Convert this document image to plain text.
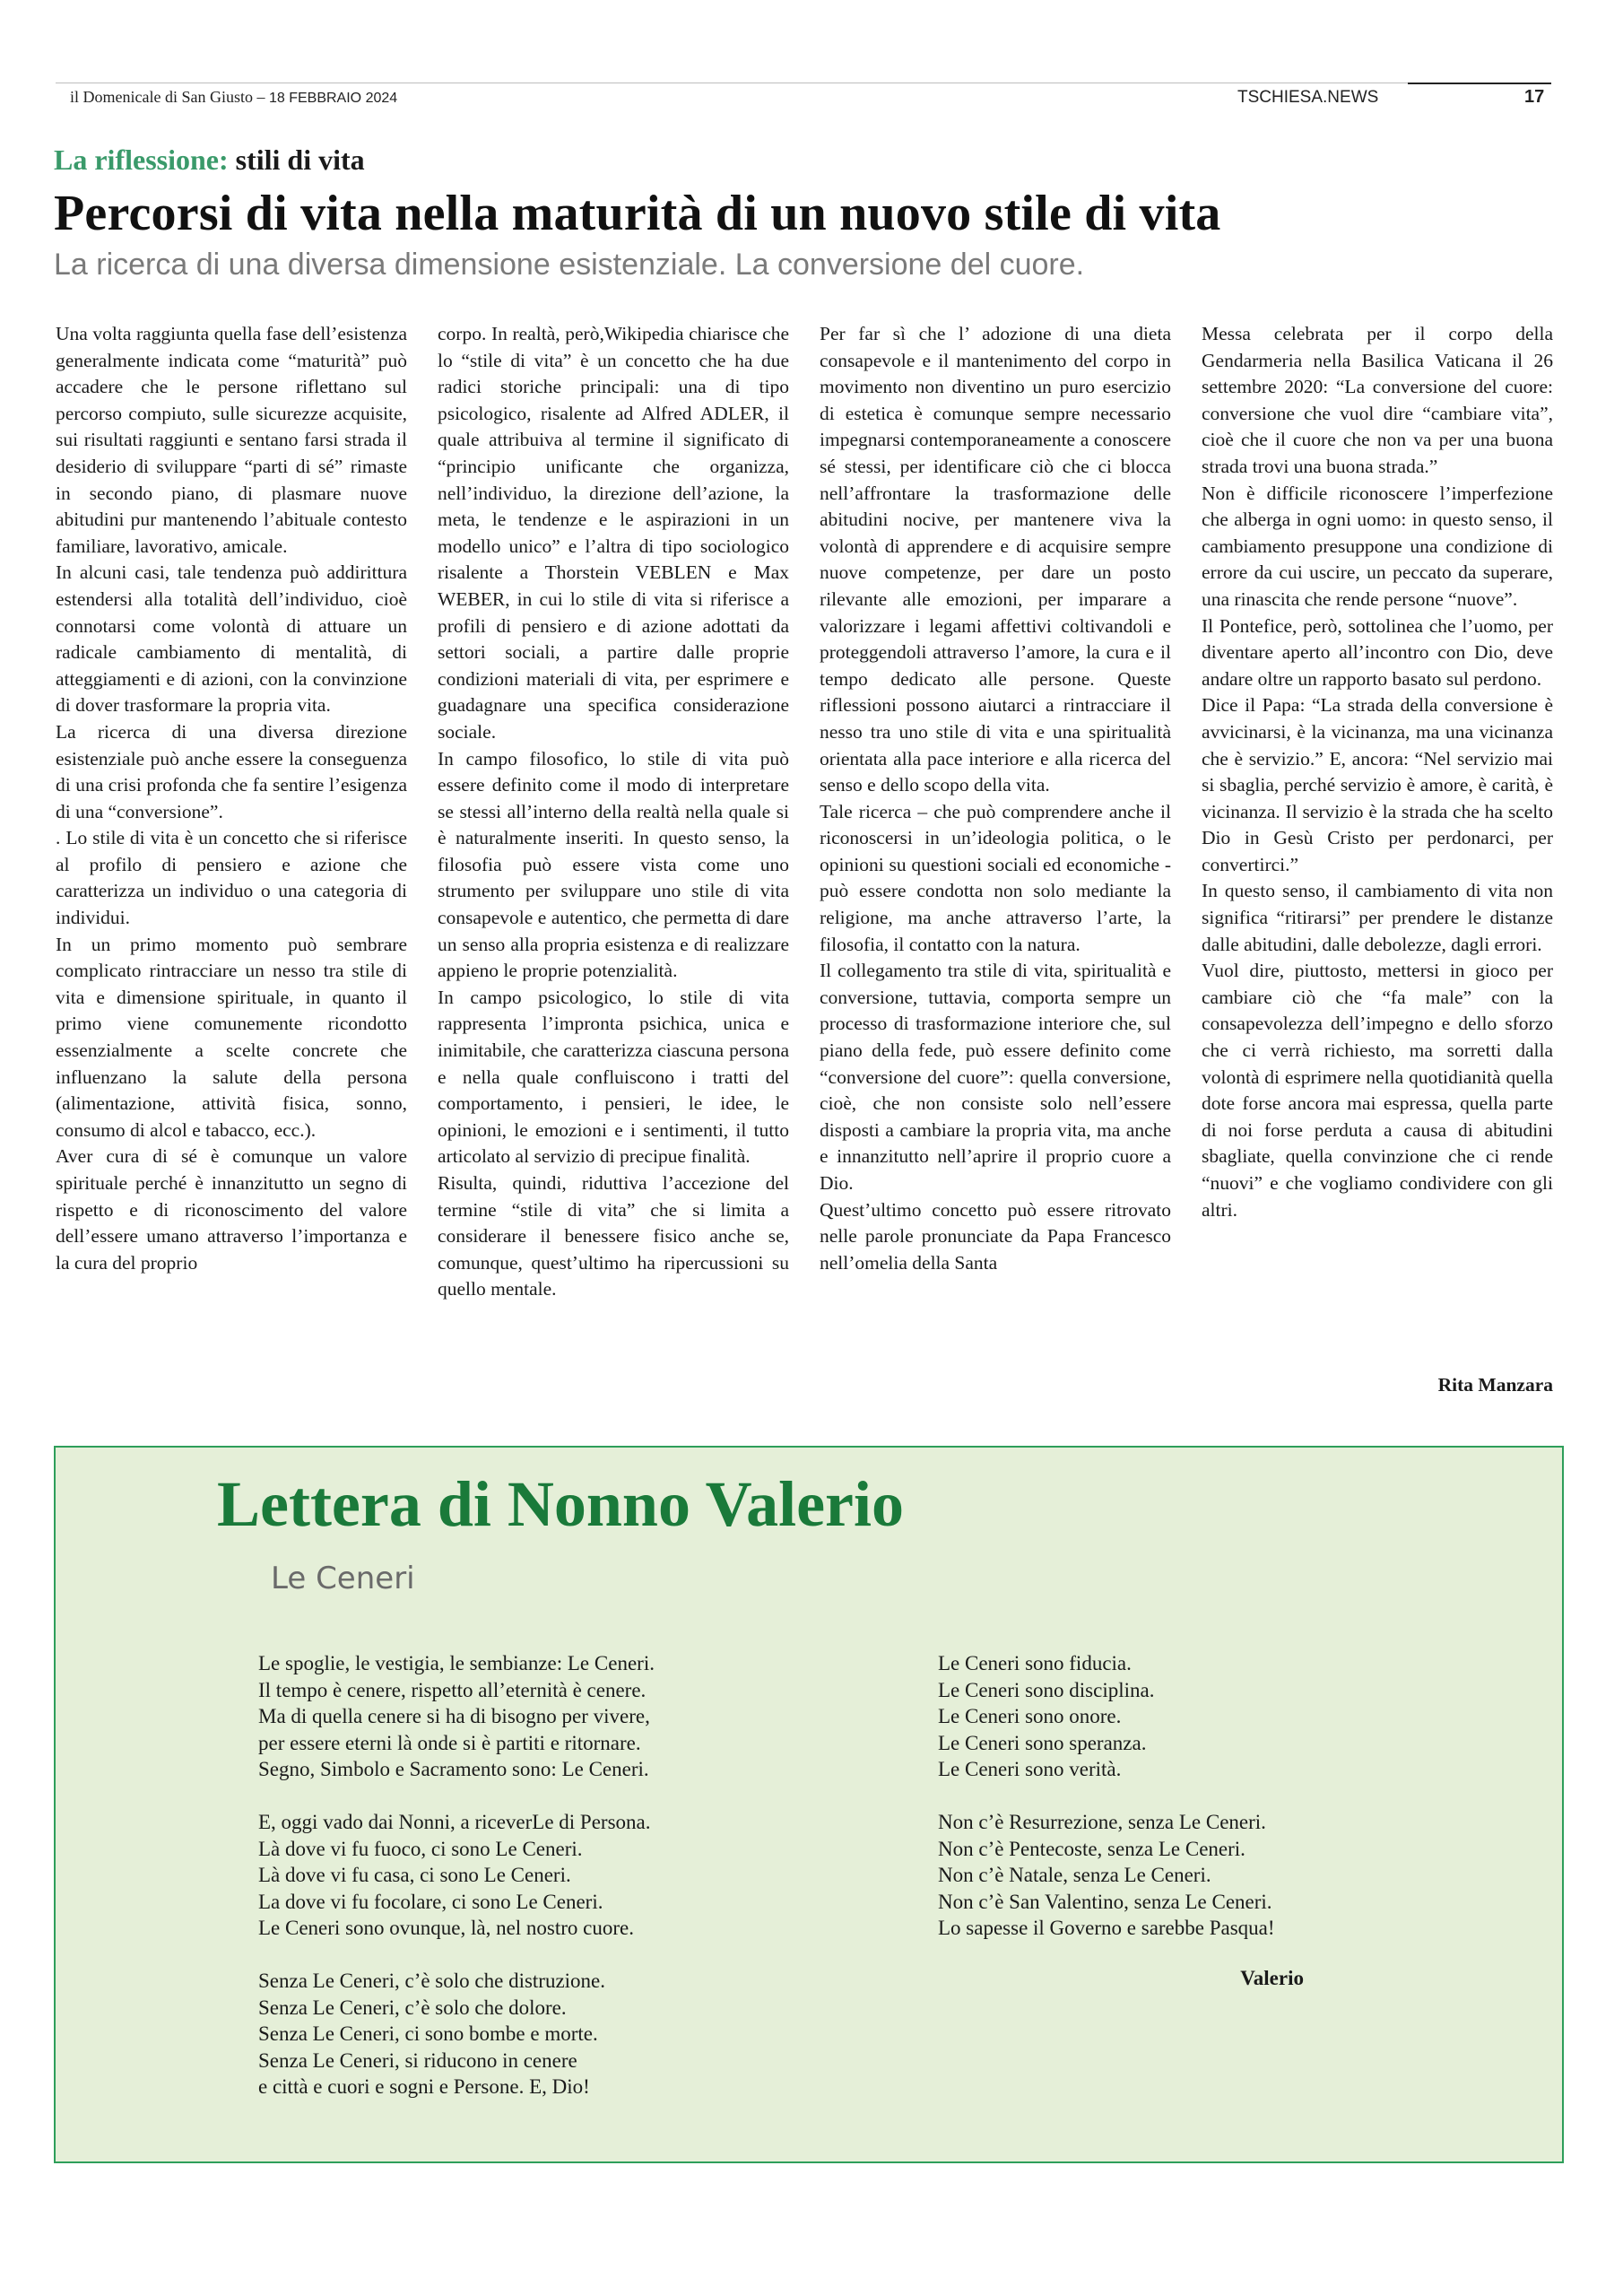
il Domenicale di San Giusto – 18 FEBBRAIO 2024	TSCHIESA.NEWS	17
La riflessione: stili di vita
Percorsi di vita nella maturità di un nuovo stile di vita
La ricerca di una diversa dimensione esistenziale. La conversione del cuore.

Una volta raggiunta quella fase dell’esistenza generalmente indicata come “maturità” può accadere che le persone riflettano sul percorso compiuto, sulle sicurezze acquisite, sui risultati raggiunti e sentano farsi strada il desiderio di sviluppare “parti di sé” rimaste in secondo piano, di plasmare nuove abitudini pur mantenendo l’abituale contesto familiare, lavorativo, amicale.

In alcuni casi, tale tendenza può addirittura estendersi alla totalità dell’individuo, cioè connotarsi come volontà di attuare un radicale cambiamento di mentalità, di atteggiamenti e di azioni, con la convinzione di dover trasformare la propria vita.

La ricerca di una diversa direzione esistenziale può anche essere la conseguenza di una crisi profonda che fa sentire l’esigenza di una “conversione”.

. Lo stile di vita è un concetto che si riferisce al profilo di pensiero e azione che caratterizza un individuo o una categoria di individui.

In un primo momento può sembrare complicato rintracciare un nesso tra stile di vita e dimensione spirituale, in quanto il primo viene comunemente ricondotto essenzialmente a scelte concrete che influenzano la salute della persona (alimentazione, attività fisica, sonno, consumo di alcol e tabacco, ecc.).

Aver cura di sé è comunque un valore spirituale perché è innanzitutto un segno di rispetto e di riconoscimento del valore dell’essere umano attraverso l’importanza e la cura del proprio

corpo. In realtà, però,Wikipedia chiarisce che lo “stile di vita” è un concetto che ha due radici storiche principali: una di tipo psicologico, risalente ad Alfred ADLER, il quale attribuiva al termine il significato di “principio unificante che organizza, nell’individuo, la direzione dell’azione, la meta, le tendenze e le aspirazioni in un modello unico” e l’altra di tipo sociologico risalente a Thorstein VEBLEN e Max WEBER, in cui lo stile di vita si riferisce a profili di pensiero e di azione adottati da settori sociali, a partire dalle proprie condizioni materiali di vita, per esprimere e guadagnare una specifica considerazione sociale.

In campo filosofico, lo stile di vita può essere definito come il modo di interpretare se stessi all’interno della realtà nella quale si è naturalmente inseriti. In questo senso, la filosofia può essere vista come uno strumento per sviluppare uno stile di vita consapevole e autentico, che permetta di dare un senso alla propria esistenza e di realizzare appieno le proprie potenzialità.

In campo psicologico, lo stile di vita rappresenta l’impronta psichica, unica e inimitabile, che caratterizza ciascuna persona e nella quale confluiscono i tratti del comportamento, i pensieri, le idee, le opinioni, le emozioni e i sentimenti, il tutto articolato al servizio di precipue finalità.

Risulta, quindi, riduttiva l’accezione del termine “stile di vita” che si limita a considerare il benessere fisico anche se, comunque, quest’ultimo ha ripercussioni su quello mentale.

Per far sì che l’ adozione di una dieta consapevole e il mantenimento del corpo in movimento non diventino un puro esercizio di estetica è comunque sempre necessario impegnarsi contemporaneamente a conoscere sé stessi, per identificare ciò che ci blocca nell’affrontare la trasformazione delle abitudini nocive, per mantenere viva la volontà di apprendere e di acquisire sempre nuove competenze, per dare un posto rilevante alle emozioni, per imparare a valorizzare i legami affettivi coltivandoli e proteggendoli attraverso l’amore, la cura e il tempo dedicato alle persone. Queste riflessioni possono aiutarci a rintracciare il nesso tra uno stile di vita e una spiritualità orientata alla pace interiore e alla ricerca del senso e dello scopo della vita.

Tale ricerca – che può comprendere anche il riconoscersi in un’ideologia politica, o le opinioni su questioni sociali ed economiche - può essere condotta non solo mediante la religione, ma anche attraverso l’arte, la filosofia, il contatto con la natura.

Il collegamento tra stile di vita, spiritualità e conversione, tuttavia, comporta sempre un processo di trasformazione interiore che, sul piano della fede, può essere definito come “conversione del cuore”: quella conversione, cioè, che non consiste solo nell’essere disposti a cambiare la propria vita, ma anche e innanzitutto nell’aprire il proprio cuore a Dio.

Quest’ultimo concetto può essere ritrovato nelle parole pronunciate da Papa Francesco nell’omelia della Santa

Messa celebrata per il corpo della Gendarmeria nella Basilica Vaticana il 26 settembre 2020: “La conversione del cuore: conversione che vuol dire “cambiare vita”, cioè che il cuore che non va per una buona strada trovi una buona strada.”

Non è difficile riconoscere l’imperfezione che alberga in ogni uomo: in questo senso, il cambiamento presuppone una condizione di errore da cui uscire, un peccato da superare, una rinascita che rende persone “nuove”.

Il Pontefice, però, sottolinea che l’uomo, per diventare aperto all’incontro con Dio, deve andare oltre un rapporto basato sul perdono.

Dice il Papa: “La strada della conversione è avvicinarsi, è la vicinanza, ma una vicinanza che è servizio.” E, ancora: “Nel servizio mai si sbaglia, perché servizio è amore, è carità, è vicinanza. Il servizio è la strada che ha scelto Dio in Gesù Cristo per perdonarci, per convertirci.”

In questo senso, il cambiamento di vita non significa “ritirarsi” per prendere le distanze dalle abitudini, dalle debolezze, dagli errori.

Vuol dire, piuttosto, mettersi in gioco per cambiare ciò che “fa male” con la consapevolezza dell’impegno e dello sforzo che ci verrà richiesto, ma sorretti dalla volontà di esprimere nella quotidianità quella dote forse ancora mai espressa, quella parte di noi forse perduta a causa di abitudini sbagliate, quella convinzione che ci rende “nuovi” e che vogliamo condividere con gli altri.

Rita Manzara
Lettera di Nonno Valerio
Le Ceneri
Le spoglie, le vestigia, le sembianze: Le Ceneri.
Il tempo è cenere, rispetto all’eternità è cenere.
Ma di quella cenere si ha di bisogno per vivere,
per essere eterni là onde si è partiti e ritornare.
Segno, Simbolo e Sacramento sono: Le Ceneri.
E, oggi vado dai Nonni, a riceverLe di Persona.
Là dove vi fu fuoco, ci sono Le Ceneri.
Là dove vi fu casa, ci sono Le Ceneri.
La dove vi fu focolare, ci sono Le Ceneri.
Le Ceneri sono ovunque, là, nel nostro cuore.
Senza Le Ceneri, c’è solo che distruzione.
Senza Le Ceneri, c’è solo che dolore.
Senza Le Ceneri, ci sono bombe e morte.
Senza Le Ceneri, si riducono in cenere
e città e cuori e sogni e Persone. E, Dio!
Le Ceneri sono fiducia.
Le Ceneri sono disciplina.
Le Ceneri sono onore.
Le Ceneri sono speranza.
Le Ceneri sono verità.
Non c’è Resurrezione, senza Le Ceneri.
Non c’è Pentecoste, senza Le Ceneri.
Non c’è Natale, senza Le Ceneri.
Non c’è San Valentino, senza Le Ceneri.
Lo sapesse il Governo e sarebbe Pasqua!
Valerio
